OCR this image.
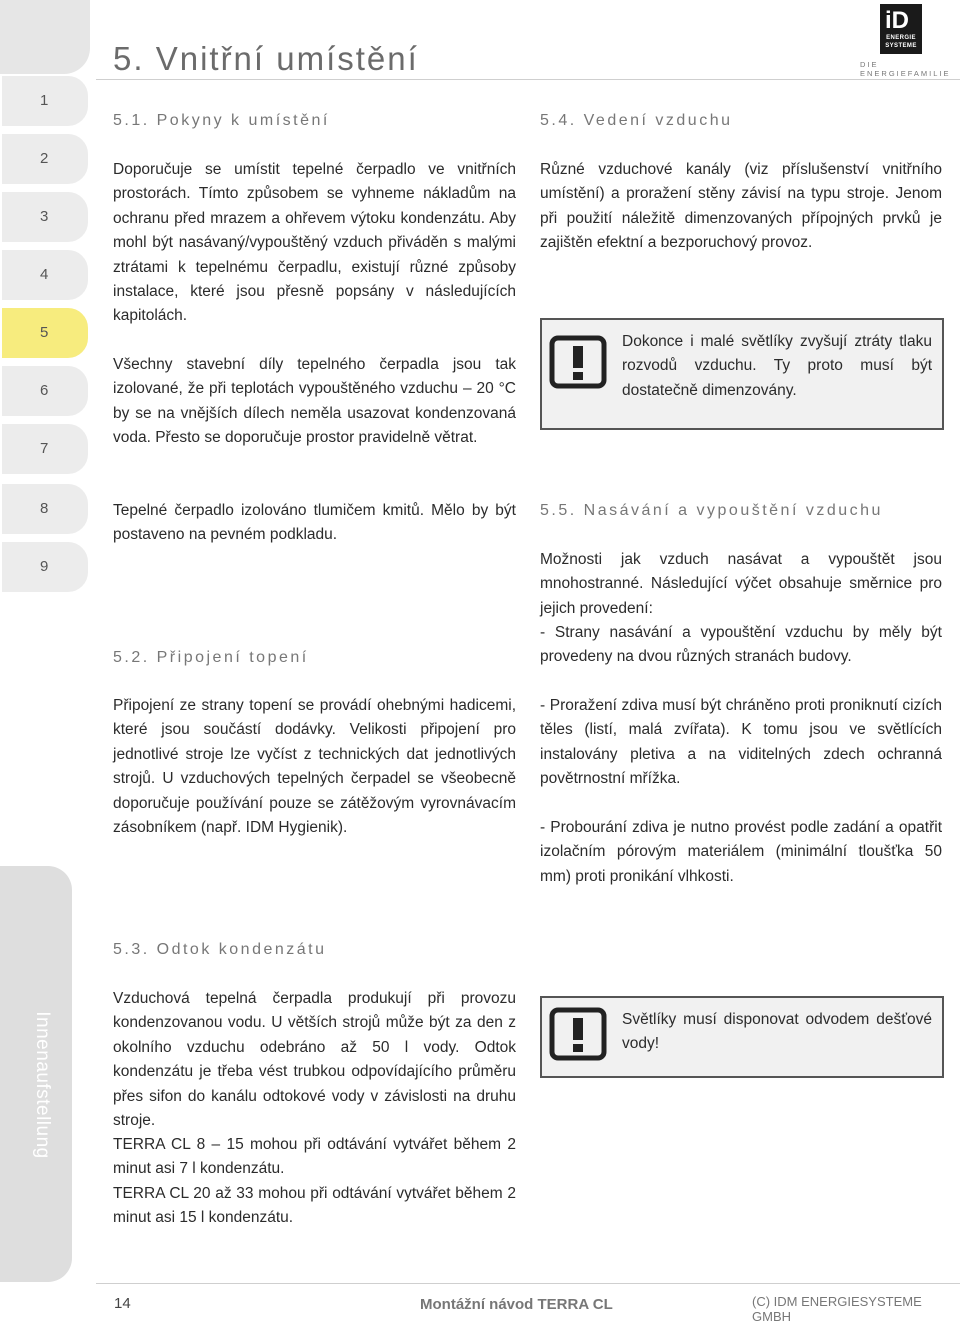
1
2
3
4
5
6
7
8
9
Innenaufstellung
5. Vnitřní umístění
iD
ENERGIE
SYSTEME
DIE ENERGIEFAMILIE
5.1. Pokyny k umístění

Doporučuje se umístit tepelné čerpadlo ve vnitřních prostorách. Tímto způsobem se vyhneme nákladům na ochranu před mrazem a ohřevem výtoku kondenzátu. Aby mohl být nasávaný/vypouštěný vzduch přiváděn s malými ztrátami k tepelnému čerpadlu, existují různé způsoby instalace, které jsou přesně popsány v následujících kapitolách.

Všechny stavební díly tepelného čerpadla jsou tak izolované, že při teplotách vypouštěného vzduchu – 20 °C by se na vnějších dílech neměla usazovat kondenzovaná voda. Přesto se doporučuje prostor pravidelně větrat.

Tepelné čerpadlo izolováno tlumičem kmitů. Mělo by být postaveno na pevném podkladu.

5.2. Připojení topení

Připojení ze strany topení se provádí ohebnými hadicemi, které jsou součástí dodávky. Velikosti připojení pro jednotlivé stroje lze vyčíst z technických dat jednotlivých strojů. U vzduchových tepelných čerpadel se všeobecně doporučuje používání pouze se zátěžovým vyrovnávacím zásobníkem (např. IDM Hygienik).

5.3. Odtok kondenzátu

Vzduchová tepelná čerpadla produkují při provozu kondenzovanou vodu. U větších strojů může být za den z okolního vzduchu odebráno až 50 l vody. Odtok kondenzátu je třeba vést trubkou odpovídajícího průměru přes sifon do kanálu odtokové vody v závislosti na druhu stroje.

TERRA CL 8 – 15 mohou při odtávání vytvářet během 2 minut asi 7 l kondenzátu.

TERRA CL 20 až 33 mohou při odtávání vytvářet během 2 minut asi 15 l kondenzátu.

5.4. Vedení vzduchu

Různé vzduchové kanály (viz příslušenství vnitřního umístění) a proražení stěny závisí na typu stroje. Jenom při použití náležitě dimenzovaných přípojných prvků je zajištěn efektní a bezporuchový provoz.

Dokonce i malé světlíky zvyšují ztráty tlaku rozvodů vzduchu. Ty proto musí být dostatečně dimenzovány.
5.5. Nasávání a vypouštění vzduchu

Možnosti jak vzduch nasávat a vypouštět jsou mnohostranné. Následující výčet obsahuje směrnice pro jejich provedení:

- Strany nasávání a vypouštění vzduchu by měly být provedeny na dvou různých stranách budovy.

- Proražení zdiva musí být chráněno proti proniknutí cizích těles (listí, malá zvířata). K tomu jsou ve světlících instalovány pletiva a na viditelných zdech ochranná povětrnostní mřížka.

- Probourání zdiva je nutno provést podle zadání a opatřit izolačním pórovým materiálem (minimální tloušťka 50 mm) proti pronikání vlhkosti.

Světlíky musí disponovat odvodem dešťové vody!
14	Montážní návod TERRA CL	(C) IDM ENERGIESYSTEME GMBH
